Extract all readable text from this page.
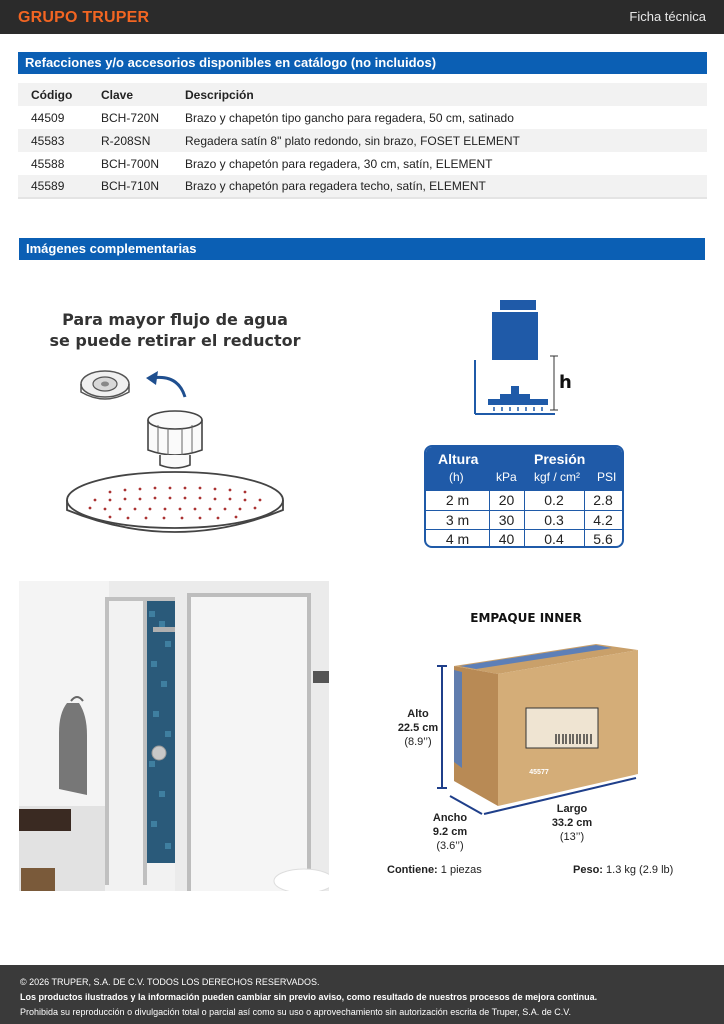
GRUPO TRUPER	Ficha técnica
Refacciones y/o accesorios disponibles en catálogo (no incluidos)
Código	Clave	Descripción
44509	BCH-720N	Brazo y chapetón tipo gancho para regadera, 50 cm, satinado
45583	R-208SN	Regadera satín 8" plato redondo, sin brazo, FOSET ELEMENT
45588	BCH-700N	Brazo y chapetón para regadera, 30 cm, satín, ELEMENT
45589	BCH-710N	Brazo y chapetón para regadera techo, satín, ELEMENT
Imágenes complementarias
Para mayor flujo de agua
se puede retirar el reductor
h
Altura	Presión
(h)	kPa kgf / cm² PSI
2 m	20	0.2	2.8
3 m	30	0.3	4.2
4 m	40	0.4	5.6
EMPAQUE INNER
45577
Alto
22.5 cm
(8.9’’)
Ancho
9.2 cm
(3.6’’)
Largo
33.2 cm
(13’’)
Contiene: 1 piezas	Peso: 1.3 kg (2.9 lb)
© 2026 TRUPER, S.A. DE C.V. TODOS LOS DERECHOS RESERVADOS.
Los productos ilustrados y la información pueden cambiar sin previo aviso, como resultado de nuestros procesos de mejora continua.
Prohibida su reproducción o divulgación total o parcial así como su uso o aprovechamiento sin autorización escrita de Truper, S.A. de C.V.
